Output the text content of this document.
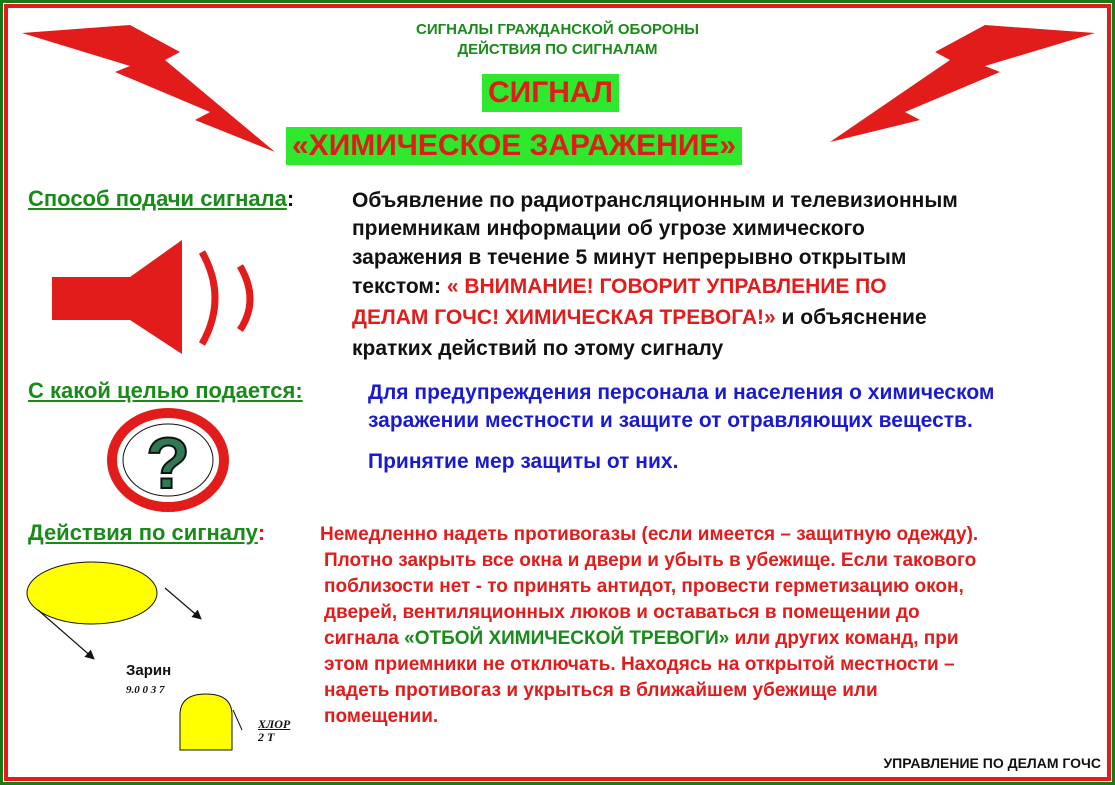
СИГНАЛЫ ГРАЖДАНСКОЙ ОБОРОНЫ
ДЕЙСТВИЯ ПО СИГНАЛАМ
СИГНАЛ
«ХИМИЧЕСКОЕ ЗАРАЖЕНИЕ»
Способ подачи сигнала:	Объявление по радиотрансляционным и телевизионным
приемникам информации об угрозе химического
заражения в течение 5 минут непрерывно открытым
текстом: « ВНИМАНИЕ! ГОВОРИТ УПРАВЛЕНИЕ ПО
ДЕЛАМ ГОЧС! ХИМИЧЕСКАЯ ТРЕВОГА!» и объяснение
кратких действий по этому сигналу
С какой целью подается:	Для предупреждения персонала и населения о химическом
заражении местности и защите от отравляющих веществ.
Принятие мер защиты от них.
?
Действия по сигналу:	Немедленно надеть противогазы (если имеется – защитную одежду).
Плотно закрыть все окна и двери и убыть в убежище. Если такового
поблизости нет - то принять антидот, провести герметизацию окон,
дверей, вентиляционных люков и оставаться в помещении до
сигнала «ОТБОЙ ХИМИЧЕСКОЙ ТРЕВОГИ» или других команд, при
этом приемники не отключать. Находясь на открытой местности –
надеть противогаз и укрыться в ближайшем убежище или
помещении.
Зарин
9.0 0 3 7
ХЛОР
2 Т
УПРАВЛЕНИЕ ПО ДЕЛАМ ГОЧС
